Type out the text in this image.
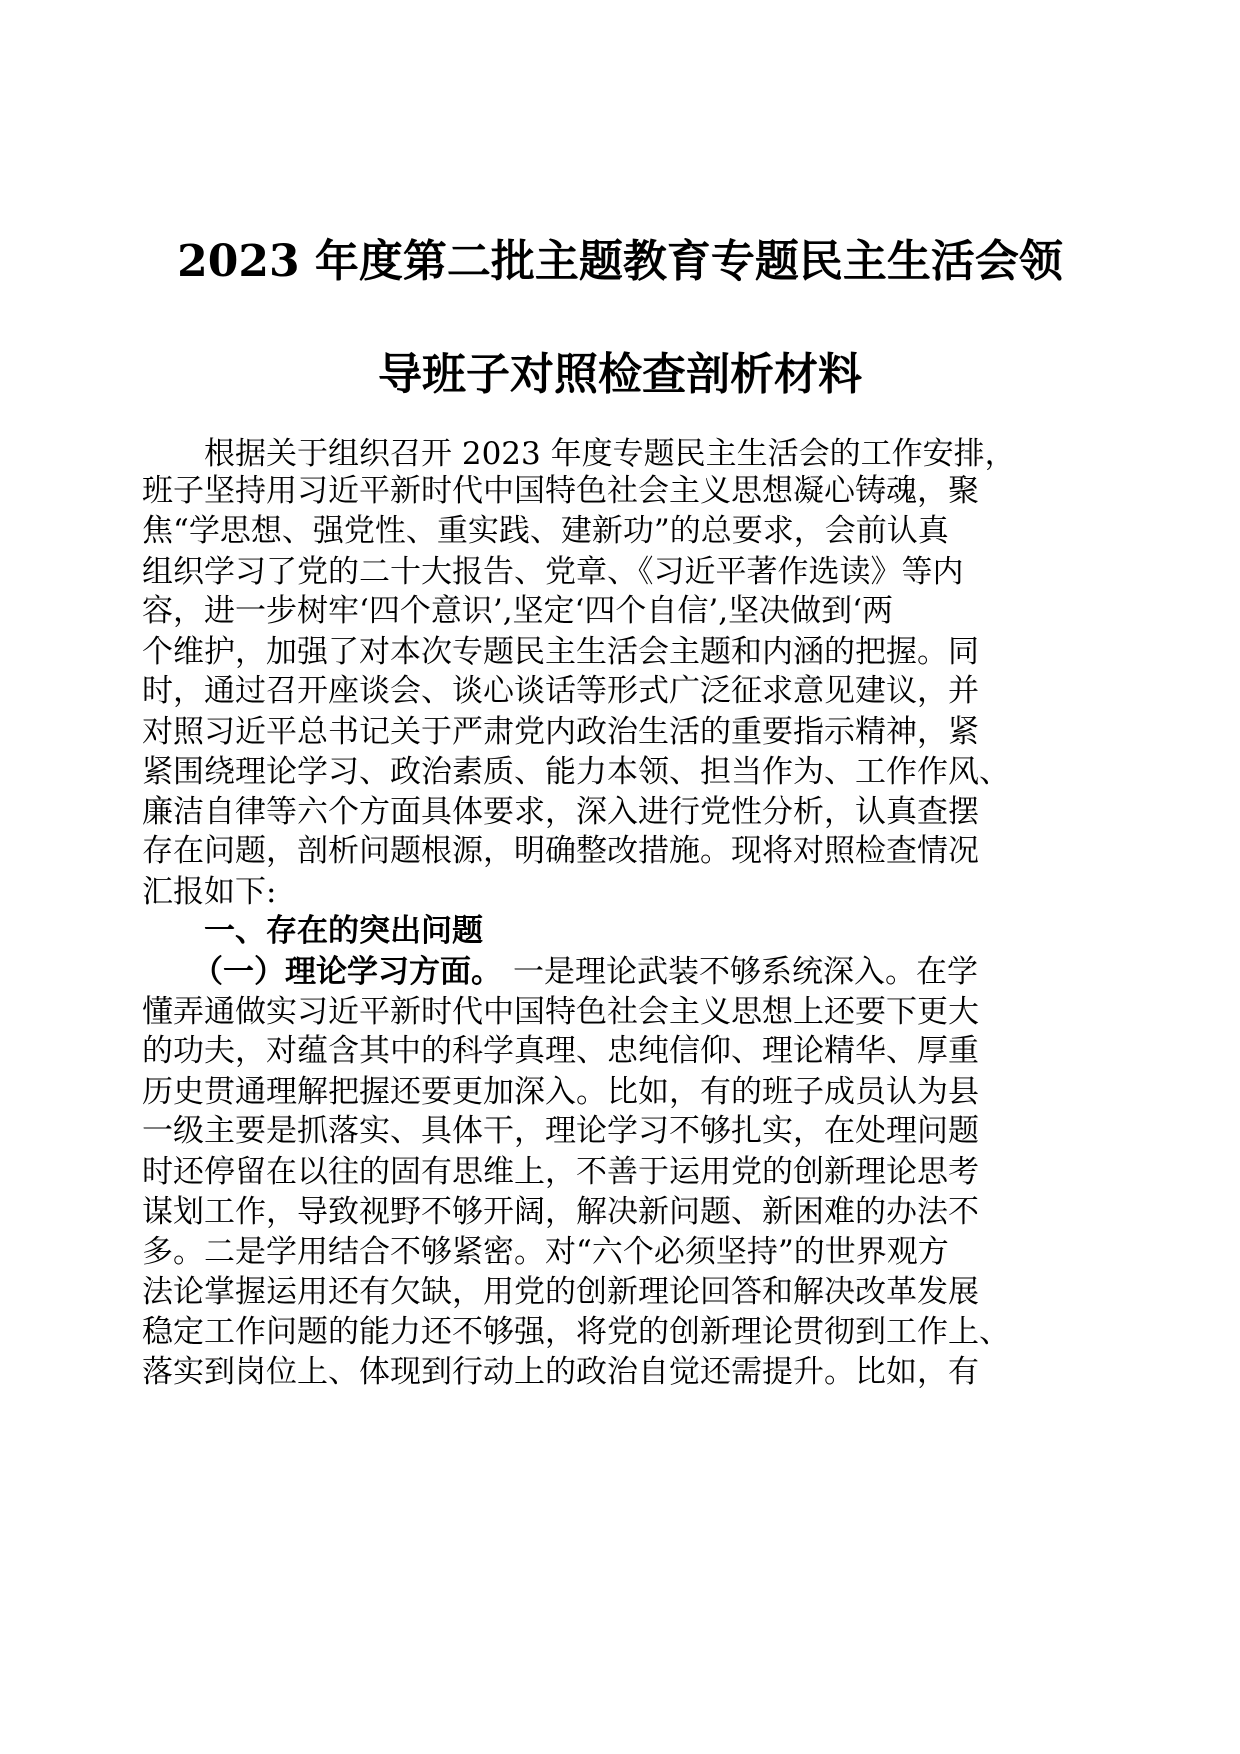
2023 年度第二批主题教育专题民主生活会领
导班子对照检查剖析材料
根据关于组织召开 2023 年度专题民主生活会的工作安排，
班子坚持用习近平新时代中国特色社会主义思想凝心铸魂，聚
焦“学思想、强党性、重实践、建新功”的总要求，会前认真
组织学习了党的二十大报告、党章、《习近平著作选读》等内
容，进一步树牢‘四个意识’,坚定‘四个自信’,坚决做到‘两
个维护，加强了对本次专题民主生活会主题和内涵的把握。同
时，通过召开座谈会、谈心谈话等形式广泛征求意见建议，并
对照习近平总书记关于严肃党内政治生活的重要指示精神，紧
紧围绕理论学习、政治素质、能力本领、担当作为、工作作风、
廉洁自律等六个方面具体要求，深入进行党性分析，认真查摆
存在问题，剖析问题根源，明确整改措施。现将对照检查情况
汇报如下:
一、存在的突出问题
（一）理论学习方面。 一是理论武装不够系统深入。在学
懂弄通做实习近平新时代中国特色社会主义思想上还要下更大
的功夫，对蕴含其中的科学真理、忠纯信仰、理论精华、厚重
历史贯通理解把握还要更加深入。比如，有的班子成员认为县
一级主要是抓落实、具体干，理论学习不够扎实，在处理问题
时还停留在以往的固有思维上，不善于运用党的创新理论思考
谋划工作，导致视野不够开阔，解决新问题、新困难的办法不
多。二是学用结合不够紧密。对“六个必须坚持”的世界观方
法论掌握运用还有欠缺，用党的创新理论回答和解决改革发展
稳定工作问题的能力还不够强，将党的创新理论贯彻到工作上、
落实到岗位上、体现到行动上的政治自觉还需提升。比如，有
